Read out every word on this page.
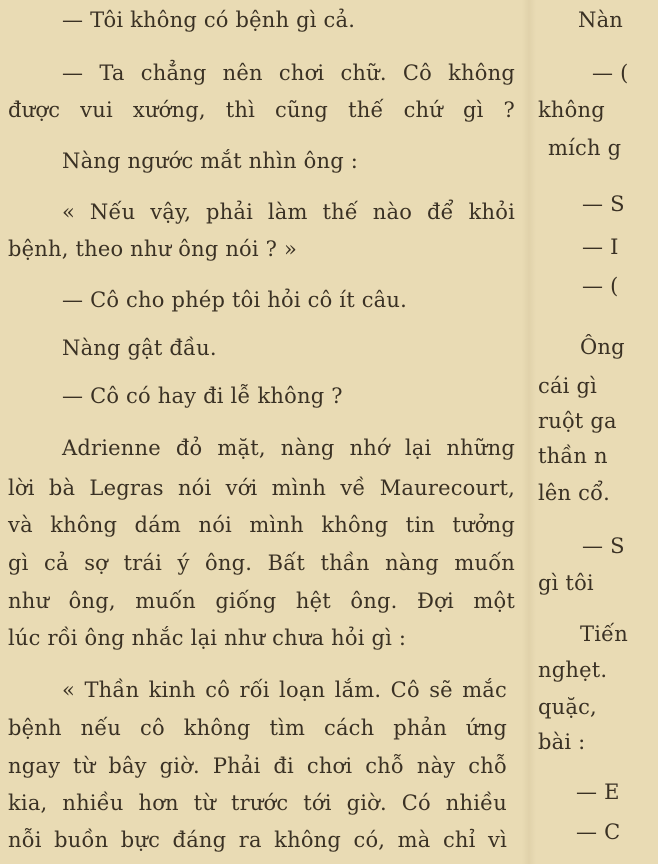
— Tôi không có bệnh gì cả.
— Ta chẳng nên chơi chữ. Cô không
được vui xướng, thì cũng thế chứ gì ?
Nàng ngước mắt nhìn ông :
« Nếu vậy, phải làm thế nào để khỏi
bệnh, theo như ông nói ? »
— Cô cho phép tôi hỏi cô ít câu.
Nàng gật đầu.
— Cô có hay đi lễ không ?
Adrienne đỏ mặt, nàng nhớ lại những
lời bà Legras nói với mình về Maurecourt,
và không dám nói mình không tin tưởng
gì cả sợ trái ý ông. Bất thần nàng muốn
như ông, muốn giống hệt ông. Đợi một
lúc rồi ông nhắc lại như chưa hỏi gì :
« Thần kinh cô rối loạn lắm. Cô sẽ mắc
bệnh nếu cô không tìm cách phản ứng
ngay từ bây giờ. Phải đi chơi chỗ này chỗ
kia, nhiều hơn từ trước tới giờ. Có nhiều
nỗi buồn bực đáng ra không có, mà chỉ vì
Nàn
— (
không
mích g
— S
— I
— (
Ông
cái gì
ruột ga
thần n
lên cổ.
— S
gì tôi
Tiến
nghẹt.
quặc,
bài :
— E
— C
